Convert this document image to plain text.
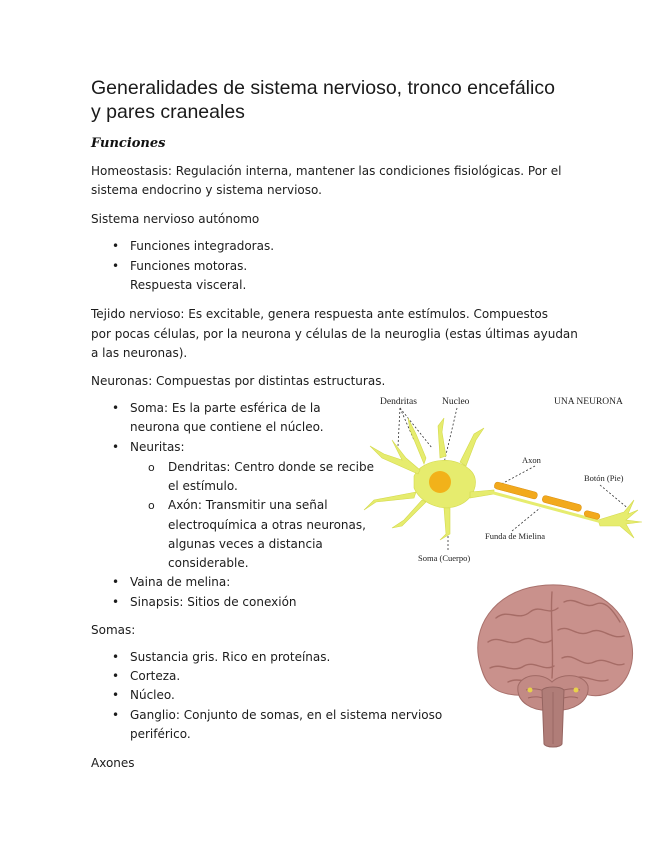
Generalidades de sistema nervioso, tronco encefálico
y pares craneales
Funciones
Homeostasis: Regulación interna, mantener las condiciones fisiológicas. Por el
sistema endocrino y sistema nervioso.
Sistema nervioso autónomo
• Funciones integradoras.
• Funciones motoras.
Respuesta visceral.
Tejido nervioso: Es excitable, genera respuesta ante estímulos. Compuestos
por pocas células, por la neurona y células de la neuroglia (estas últimas ayudan
a las neuronas).
Neuronas: Compuestas por distintas estructuras.
• Soma: Es la parte esférica de la
neurona que contiene el núcleo.
• Neuritas:
o Dendritas: Centro donde se recibe
el estímulo.
o Axón: Transmitir una señal
electroquímica a otras neuronas,
algunas veces a distancia
considerable.
• Vaina de melina:
• Sinapsis: Sitios de conexión
Somas:
• Sustancia gris. Rico en proteínas.
• Corteza.
• Núcleo.
• Ganglio: Conjunto de somas, en el sistema nervioso
periférico.
Axones
Dendritas	Nucleo	UNA NEURONA
Axon
Botón (Pie)
Funda de Mielina
Soma (Cuerpo)
